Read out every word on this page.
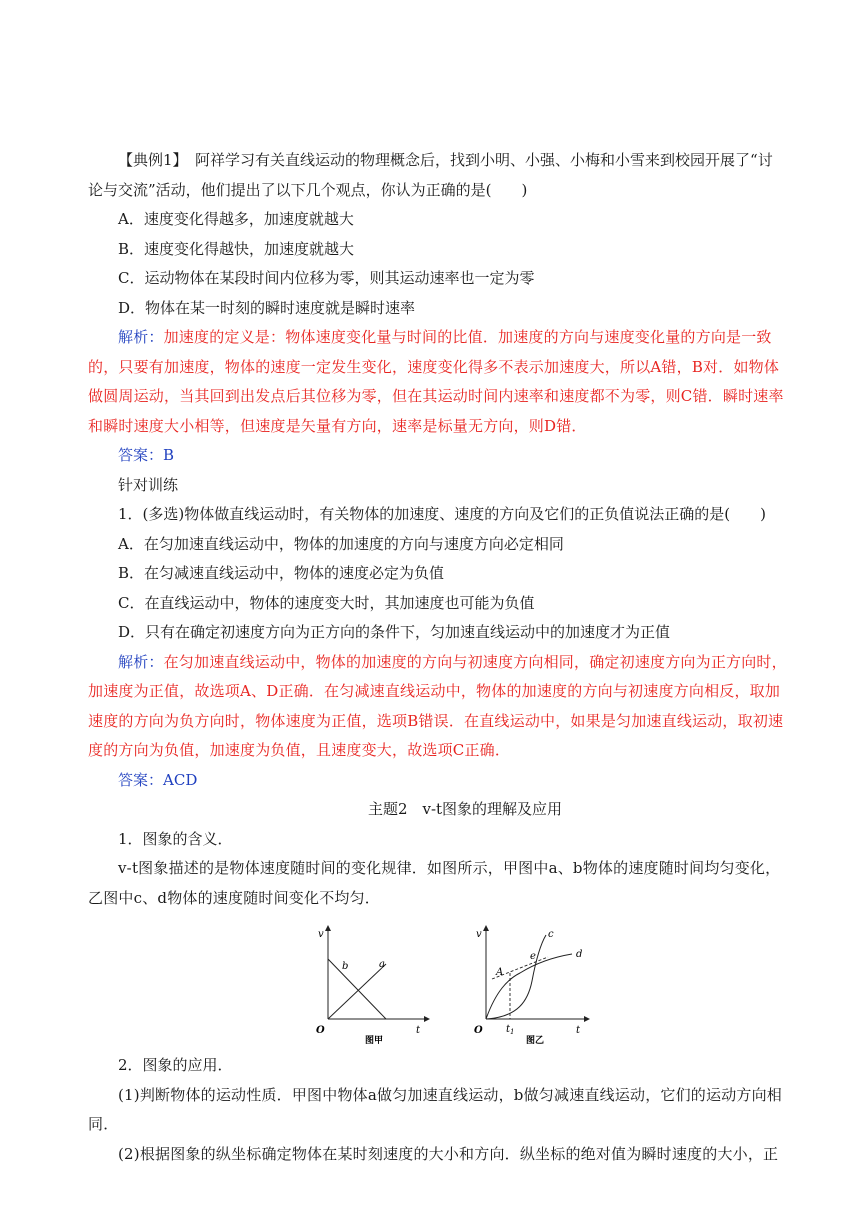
【典例1】　阿祥学习有关直线运动的物理概念后，找到小明、小强、小梅和小雪来到校园开展了“讨

论与交流”活动，他们提出了以下几个观点，你认为正确的是(　　)

A．速度变化得越多，加速度就越大

B．速度变化得越快，加速度就越大

C．运动物体在某段时间内位移为零，则其运动速率也一定为零

D．物体在某一时刻的瞬时速度就是瞬时速率

解析：加速度的定义是：物体速度变化量与时间的比值．加速度的方向与速度变化量的方向是一致的，只要有加速度，物体的速度一定发生变化，速度变化得多不表示加速度大，所以A错，B对．如物体做圆周运动，当其回到出发点后其位移为零，但在其运动时间内速率和速度都不为零，则C错．瞬时速率和瞬时速度大小相等，但速度是矢量有方向，速率是标量无方向，则D错．

答案：B

针对训练

1．(多选)物体做直线运动时，有关物体的加速度、速度的方向及它们的正负值说法正确的是(　　)

A．在匀加速直线运动中，物体的加速度的方向与速度方向必定相同

B．在匀减速直线运动中，物体的速度必定为负值

C．在直线运动中，物体的速度变大时，其加速度也可能为负值

D．只有在确定初速度方向为正方向的条件下，匀加速直线运动中的加速度才为正值

解析：在匀加速直线运动中，物体的加速度的方向与初速度方向相同，确定初速度方向为正方向时，加速度为正值，故选项A、D正确．在匀减速直线运动中，物体的加速度的方向与初速度方向相反，取加速度的方向为负方向时，物体速度为正值，选项B错误．在直线运动中，如果是匀加速直线运动，取初速度的方向为负值，加速度为负值，且速度变大，故选项C正确．

答案：ACD

主题2　v-t图象的理解及应用

1．图象的含义．

v-t图象描述的是物体速度随时间的变化规律．如图所示，甲图中a、b物体的速度随时间均匀变化，乙图中c、d物体的速度随时间变化不均匀．

v
t
O
a
b
图甲
v
t
O
c
d
A
e
$t_1$
图乙

2．图象的应用．

(1)判断物体的运动性质．甲图中物体a做匀加速直线运动，b做匀减速直线运动，它们的运动方向相同．

(2)根据图象的纵坐标确定物体在某时刻速度的大小和方向．纵坐标的绝对值为瞬时速度的大小，正
